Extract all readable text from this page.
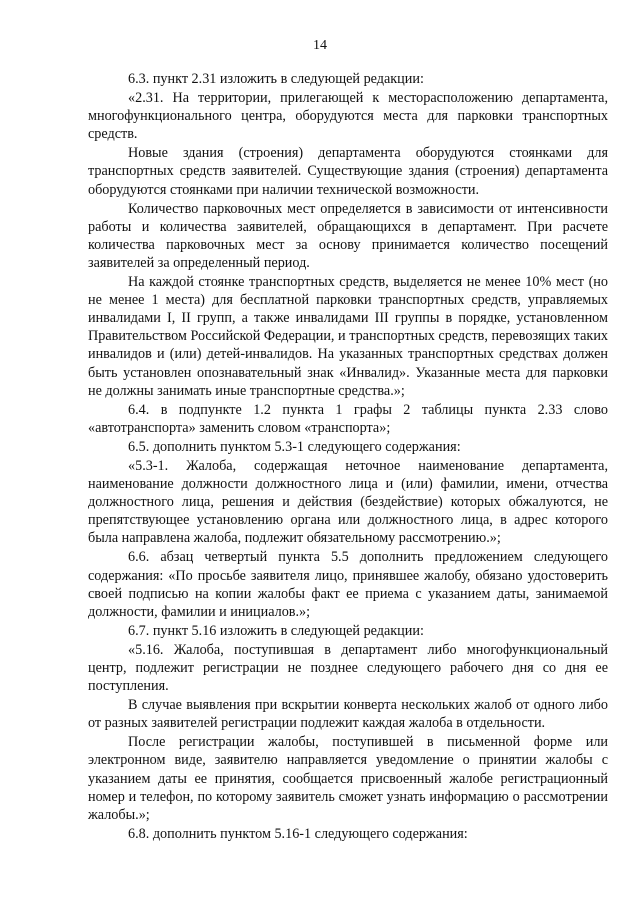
14

6.3. пункт 2.31 изложить в следующей редакции:

«2.31. На территории, прилегающей к месторасположению департамента, многофункционального центра, оборудуются места для парковки транспортных средств.

Новые здания (строения) департамента оборудуются стоянками для транспортных средств заявителей. Существующие здания (строения) департамента оборудуются стоянками при наличии технической возможности.

Количество парковочных мест определяется в зависимости от интенсивности работы и количества заявителей, обращающихся в департамент. При расчете количества парковочных мест за основу принимается количество посещений заявителей за определенный период.

На каждой стоянке транспортных средств, выделяется не менее 10% мест (но не менее 1 места) для бесплатной парковки транспортных средств, управляемых инвалидами I, II групп, а также инвалидами III группы в порядке, установленном Правительством Российской Федерации, и транспортных средств, перевозящих таких инвалидов и (или) детей-инвалидов. На указанных транспортных средствах должен быть установлен опознавательный знак «Инвалид». Указанные места для парковки не должны занимать иные транспортные средства.»;

6.4. в подпункте 1.2 пункта 1 графы 2 таблицы пункта 2.33 слово «автотранспорта» заменить словом «транспорта»;

6.5. дополнить пунктом 5.3-1 следующего содержания:

«5.3-1. Жалоба, содержащая неточное наименование департамента, наименование должности должностного лица и (или) фамилии, имени, отчества должностного лица, решения и действия (бездействие) которых обжалуются, не препятствующее установлению органа или должностного лица, в адрес которого была направлена жалоба, подлежит обязательному рассмотрению.»;

6.6. абзац четвертый пункта 5.5 дополнить предложением следующего содержания: «По просьбе заявителя лицо, принявшее жалобу, обязано удостоверить своей подписью на копии жалобы факт ее приема с указанием даты, занимаемой должности, фамилии и инициалов.»;

6.7. пункт 5.16 изложить в следующей редакции:

«5.16. Жалоба, поступившая в департамент либо многофункциональный центр, подлежит регистрации не позднее следующего рабочего дня со дня ее поступления.

В случае выявления при вскрытии конверта нескольких жалоб от одного либо от разных заявителей регистрации подлежит каждая жалоба в отдельности.

После регистрации жалобы, поступившей в письменной форме или электронном виде, заявителю направляется уведомление о принятии жалобы с указанием даты ее принятия, сообщается присвоенный жалобе регистрационный номер и телефон, по которому заявитель сможет узнать информацию о рассмотрении жалобы.»;

6.8. дополнить пунктом 5.16-1 следующего содержания:
